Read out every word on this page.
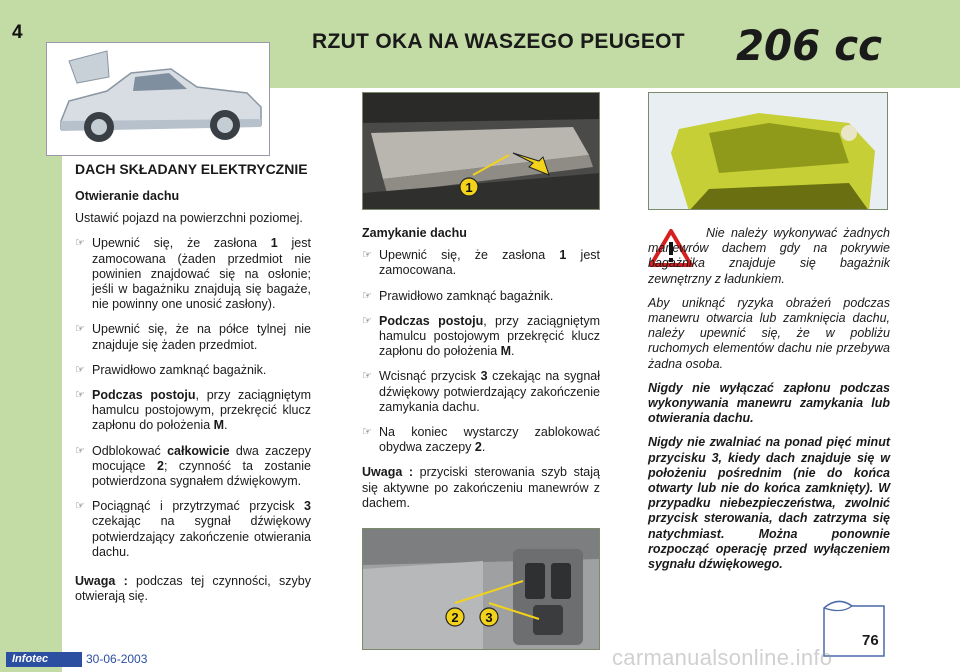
4	RZUT OKA NA WASZEGO PEUGEOT 206 cc
1
2 3
DACH SKŁADANY ELEKTRYCZNIE
Otwieranie dachu

Ustawić pojazd na powierzchni poziomej.

☞ Upewnić się, że zasłona 1 jest zamocowana (żaden przedmiot nie powinien znajdować się na osłonie; jeśli w bagażniku znajdują się bagaże, nie powinny one unosić zasłony).
☞ Upewnić się, że na półce tylnej nie znajduje się żaden przedmiot.
☞ Prawidłowo zamknąć bagażnik.
☞ Podczas postoju, przy zaciągniętym hamulcu postojowym, przekręcić klucz zapłonu do położenia M.
☞ Odblokować całkowicie dwa zaczepy mocujące 2; czynność ta zostanie potwierdzona sygnałem dźwiękowym.
☞ Pociągnąć i przytrzymać przycisk 3 czekając na sygnał dźwiękowy potwierdzający zakończenie otwierania dachu.

Uwaga : podczas tej czynności, szyby otwierają się.

Zamykanie dachu
☞ Upewnić się, że zasłona 1 jest zamocowana.
☞ Prawidłowo zamknąć bagażnik.
☞ Podczas postoju, przy zaciągniętym hamulcu postojowym przekręcić klucz zapłonu do położenia M.
☞ Wcisnąć przycisk 3 czekając na sygnał dźwiękowy potwierdzający zakończenie zamykania dachu.
☞ Na koniec wystarczy zablokować obydwa zaczepy 2.

Uwaga : przyciski sterowania szyb stają się aktywne po zakończeniu manewrów z dachem.

Nie należy wykonywać żadnych manewrów dachem gdy na pokrywie bagażnika znajduje się bagażnik zewnętrzny z ładunkiem.

Aby uniknąć ryzyka obrażeń podczas manewru otwarcia lub zamknięcia dachu, należy upewnić się, że w pobliżu ruchomych elementów dachu nie przebywa żadna osoba.

Nigdy nie wyłączać zapłonu podczas wykonywania manewru zamykania lub otwierania dachu.

Nigdy nie zwalniać na ponad pięć minut przycisku 3, kiedy dach znajduje się w położeniu pośrednim (nie do końca otwarty lub nie do końca zamknięty). W przypadku niebezpieczeństwa, zwolnić przycisk sterowania, dach zatrzyma się natychmiast. Można ponownie rozpocząć operację przed wyłączeniem sygnału dźwiękowego.

Infotec	30-06-2003
76
carmanualsonline.info
